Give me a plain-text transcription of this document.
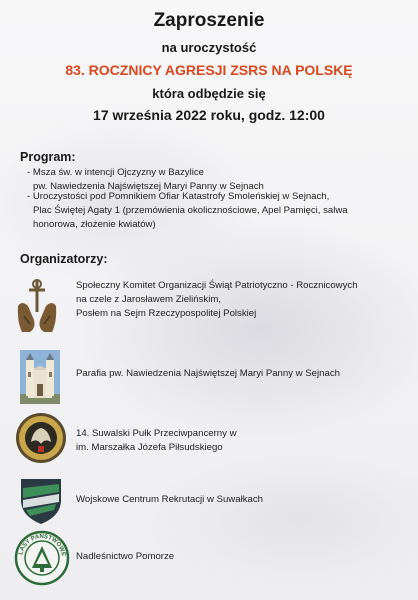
Zaproszenie
na uroczystość
83. ROCZNICY AGRESJI ZSRS NA POLSKĘ
która odbędzie się
17 września 2022 roku, godz. 12:00
Program:
- Msza św. w intencji Ojczyzny w Bazylice
pw. Nawiedzenia Najświętszej Maryi Panny w Sejnach
- Uroczystości pod Pomnikiem Ofiar Katastrofy Smoleńskiej w Sejnach,
Plac Świętej Agaty 1 (przemówienia okolicznościowe, Apel Pamięci, salwa
honorowa, złożenie kwiatów)
Organizatorzy:
Społeczny Komitet Organizacji Świąt Patriotyczno - Rocznicowych
na czele z Jarosławem Zielińskim,
Posłem na Sejm Rzeczypospolitej Polskiej
Parafia pw. Nawiedzenia Najświętszej Maryi Panny w Sejnach
14. Suwalski Pułk Przeciwpancerny w
im. Marszałka Józefa Piłsudskiego
Wojskowe Centrum Rekrutacji w Suwałkach
LASY PAŃSTWOWE Nadleśnictwo Pomorze
